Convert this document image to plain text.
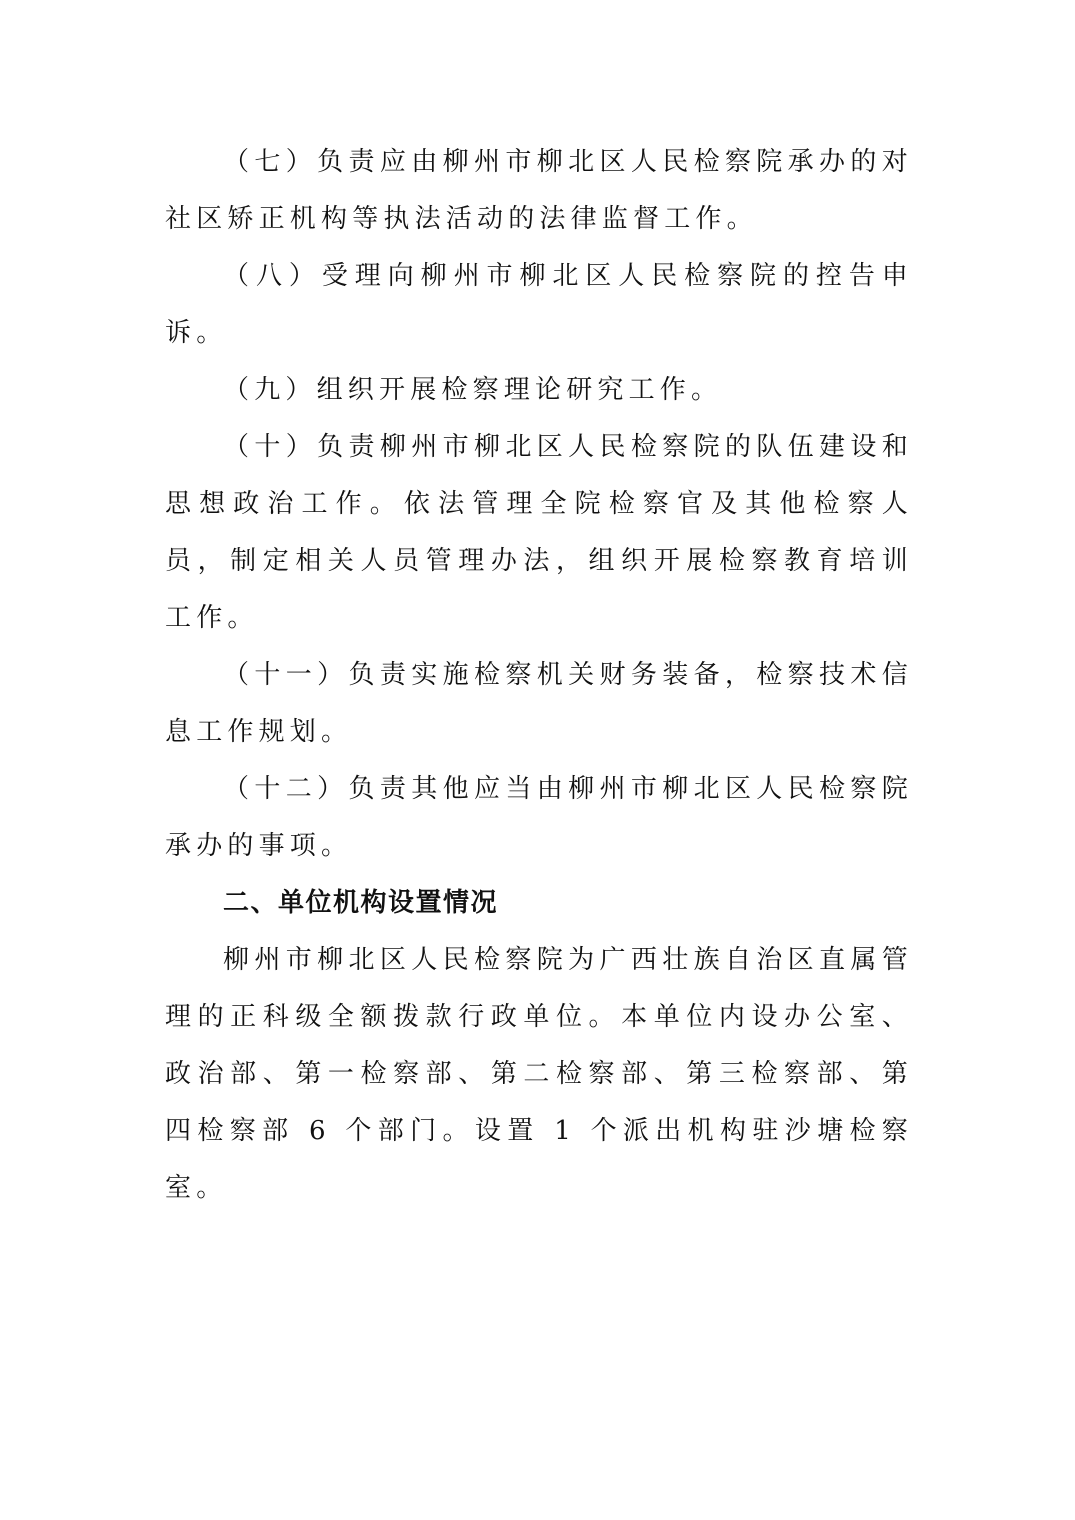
（七）负责应由柳州市柳北区人民检察院承办的对社区矫正机构等执法活动的法律监督工作。

（八）受理向柳州市柳北区人民检察院的控告申诉。

（九）组织开展检察理论研究工作。

（十）负责柳州市柳北区人民检察院的队伍建设和思想政治工作。依法管理全院检察官及其他检察人员，制定相关人员管理办法，组织开展检察教育培训工作。

（十一）负责实施检察机关财务装备，检察技术信息工作规划。

（十二）负责其他应当由柳州市柳北区人民检察院承办的事项。

二、单位机构设置情况

柳州市柳北区人民检察院为广西壮族自治区直属管理的正科级全额拨款行政单位。本单位内设办公室、政治部、第一检察部、第二检察部、第三检察部、第四检察部 6 个部门。设置 1 个派出机构驻沙塘检察室。
